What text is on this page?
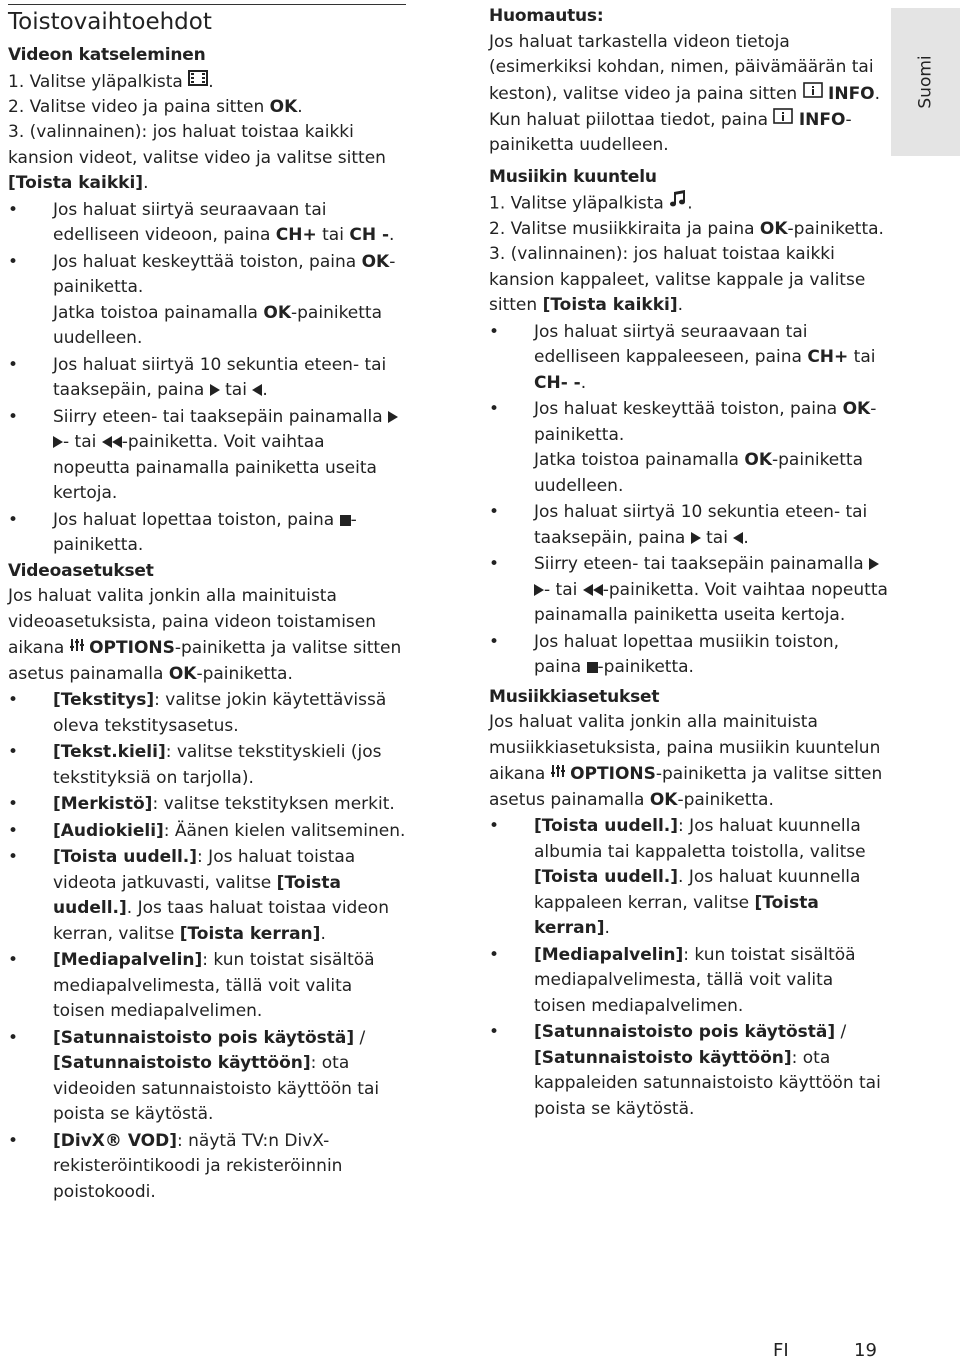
Toistovaihtoehdot
Videon katseleminen

1. Valitse yläpalkista .

2. Valitse video ja paina sitten OK.

3. (valinnainen): jos haluat toistaa kaikki kansion videot, valitse video ja valitse sitten [Toista kaikki].

• Jos haluat siirtyä seuraavaan tai edelliseen videoon, paina CH+ tai CH -.
• Jos haluat keskeyttää toiston, paina OK-painiketta.
Jatka toistoa painamalla OK-painiketta uudelleen.
• Jos haluat siirtyä 10 sekuntia eteen- tai taaksepäin, paina  tai .
• Siirry eteen- tai taaksepäin painamalla - tai -painiketta. Voit vaihtaa nopeutta painamalla painiketta useita kertoja.
• Jos haluat lopettaa toiston, paina -painiketta.
Videoasetukset

Jos haluat valita jonkin alla mainituista videoasetuksista, paina videon toistamisen aikana  OPTIONS-painiketta ja valitse sitten asetus painamalla OK-painiketta.

• [Tekstitys]: valitse jokin käytettävissä oleva tekstitysasetus.
• [Tekst.kieli]: valitse tekstityskieli (jos tekstityksiä on tarjolla).
• [Merkistö]: valitse tekstityksen merkit.
• [Audiokieli]: Äänen kielen valitseminen.
• [Toista uudell.]: Jos haluat toistaa videota jatkuvasti, valitse [Toista uudell.]. Jos taas haluat toistaa videon kerran, valitse [Toista kerran].
• [Mediapalvelin]: kun toistat sisältöä mediapalvelimesta, tällä voit valita toisen mediapalvelimen.
• [Satunnaistoisto pois käytöstä] / [Satunnaistoisto käyttöön]: ota videoiden satunnaistoisto käyttöön tai poista se käytöstä.
• [DivX® VOD]: näytä TV:n DivX-rekisteröintikoodi ja rekisteröinnin poistokoodi.
Huomautus:

Jos haluat tarkastella videon tietoja (esimerkiksi kohdan, nimen, päivämäärän tai keston), valitse video ja paina sitten  INFO.

Kun haluat piilottaa tiedot, paina  INFO-painiketta uudelleen.

Musiikin kuuntelu

1. Valitse yläpalkista .

2. Valitse musiikkiraita ja paina OK-painiketta.

3. (valinnainen): jos haluat toistaa kaikki kansion kappaleet, valitse kappale ja valitse sitten [Toista kaikki].

• Jos haluat siirtyä seuraavaan tai edelliseen kappaleeseen, paina CH+ tai CH- -.
• Jos haluat keskeyttää toiston, paina OK-painiketta.
Jatka toistoa painamalla OK-painiketta uudelleen.
• Jos haluat siirtyä 10 sekuntia eteen- tai taaksepäin, paina  tai .
• Siirry eteen- tai taaksepäin painamalla - tai -painiketta. Voit vaihtaa nopeutta painamalla painiketta useita kertoja.
• Jos haluat lopettaa musiikin toiston, paina -painiketta.
Musiikkiasetukset

Jos haluat valita jonkin alla mainituista musiikkiasetuksista, paina musiikin kuuntelun aikana  OPTIONS-painiketta ja valitse sitten asetus painamalla OK-painiketta.

• [Toista uudell.]: Jos haluat kuunnella albumia tai kappaletta toistolla, valitse [Toista uudell.]. Jos haluat kuunnella kappaleen kerran, valitse [Toista kerran].
• [Mediapalvelin]: kun toistat sisältöä mediapalvelimesta, tällä voit valita toisen mediapalvelimen.
• [Satunnaistoisto pois käytöstä] / [Satunnaistoisto käyttöön]: ota kappaleiden satunnaistoisto käyttöön tai poista se käytöstä.
Suomi
FI	19
